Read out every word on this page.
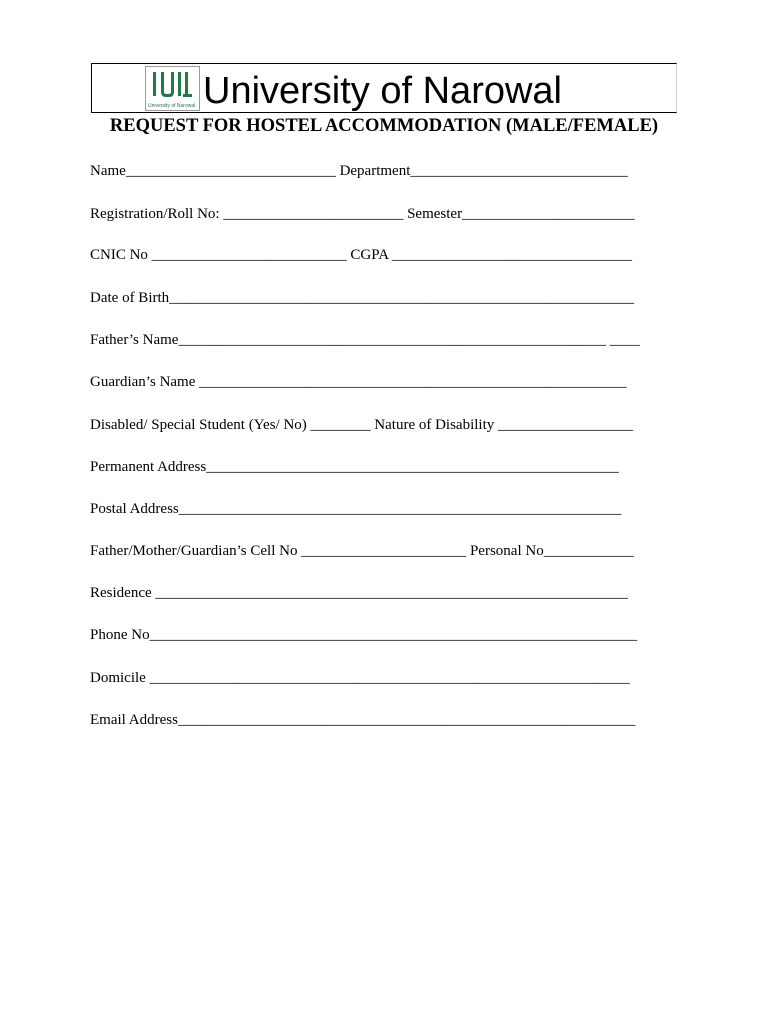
University of Narowal University of Narowal
REQUEST FOR HOSTEL ACCOMMODATION (MALE/FEMALE)
Name____________________________ Department_____________________________
Registration/Roll No: ________________________ Semester_______________________
CNIC No __________________________ CGPA ________________________________
Date of Birth______________________________________________________________
Father’s Name_________________________________________________________ ____
Guardian’s Name _________________________________________________________
Disabled/ Special Student (Yes/ No) ________ Nature of Disability __________________
Permanent Address_______________________________________________________
Postal Address___________________________________________________________
Father/Mother/Guardian’s Cell No ______________________ Personal No____________
Residence _______________________________________________________________
Phone No_________________________________________________________________
Domicile ________________________________________________________________
Email Address_____________________________________________________________
